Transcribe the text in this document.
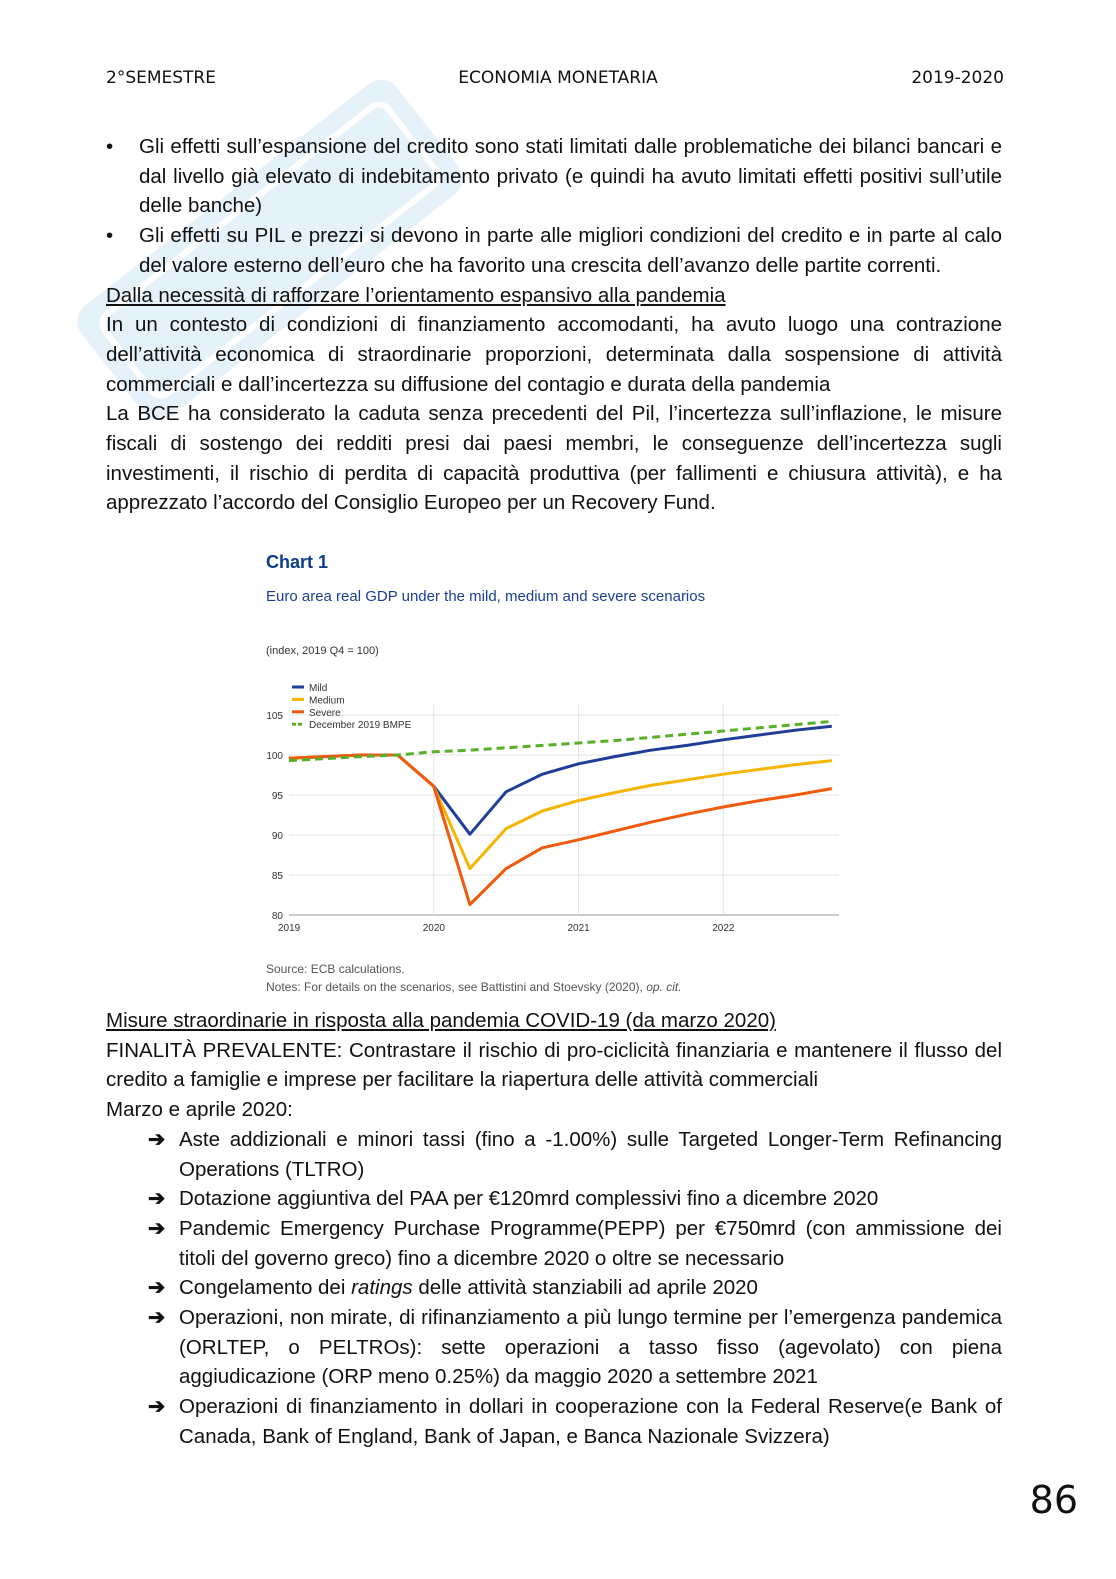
2°SEMESTRE	ECONOMIA MONETARIA	2019-2020
• Gli effetti sull’espansione del credito sono stati limitati dalle problematiche dei bilanci bancari e dal livello già elevato di indebitamento privato (e quindi ha avuto limitati effetti positivi sull’utile delle banche)
• Gli effetti su PIL e prezzi si devono in parte alle migliori condizioni del credito e in parte al calo del valore esterno dell’euro che ha favorito una crescita dell’avanzo delle partite correnti.

Dalla necessità di rafforzare l’orientamento espansivo alla pandemia

In un contesto di condizioni di finanziamento accomodanti, ha avuto luogo una contrazione dell’attività economica di straordinarie proporzioni, determinata dalla sospensione di attività commerciali e dall’incertezza su diffusione del contagio e durata della pandemia

La BCE ha considerato la caduta senza precedenti del Pil, l’incertezza sull’inflazione, le misure fiscali di sostengo dei redditi presi dai paesi membri, le conseguenze dell’incertezza sugli investimenti, il rischio di perdita di capacità produttiva (per fallimenti e chiusura attività), e ha apprezzato l’accordo del Consiglio Europeo per un Recovery Fund.

Chart 1
Euro area real GDP under the mild, medium and severe scenarios
(index, 2019 Q4 = 100)
105
100
95
90
85
80
2019	2020	2021	2022
Mild
Medium
Severe
December 2019 BMPE
Source: ECB calculations.
Notes: For details on the scenarios, see Battistini and Stoevsky (2020), op. cit.

Misure straordinarie in risposta alla pandemia COVID-19 (da marzo 2020)

FINALITÀ PREVALENTE: Contrastare il rischio di pro-ciclicità finanziaria e mantenere il flusso del credito a famiglie e imprese per facilitare la riapertura delle attività commerciali

Marzo e aprile 2020:

➔ Aste addizionali e minori tassi (fino a -1.00%) sulle Targeted Longer-Term Refinancing Operations (TLTRO)
➔ Dotazione aggiuntiva del PAA per €120mrd complessivi fino a dicembre 2020
➔ Pandemic Emergency Purchase Programme(PEPP) per €750mrd (con ammissione dei titoli del governo greco) fino a dicembre 2020 o oltre se necessario
➔ Congelamento dei ratings delle attività stanziabili ad aprile 2020
➔ Operazioni, non mirate, di rifinanziamento a più lungo termine per l’emergenza pandemica (ORLTEP, o PELTROs): sette operazioni a tasso fisso (agevolato) con piena aggiudicazione (ORP meno 0.25%) da maggio 2020 a settembre 2021
➔ Operazioni di finanziamento in dollari in cooperazione con la Federal Reserve(e Bank of Canada, Bank of England, Bank of Japan, e Banca Nazionale Svizzera)
86
